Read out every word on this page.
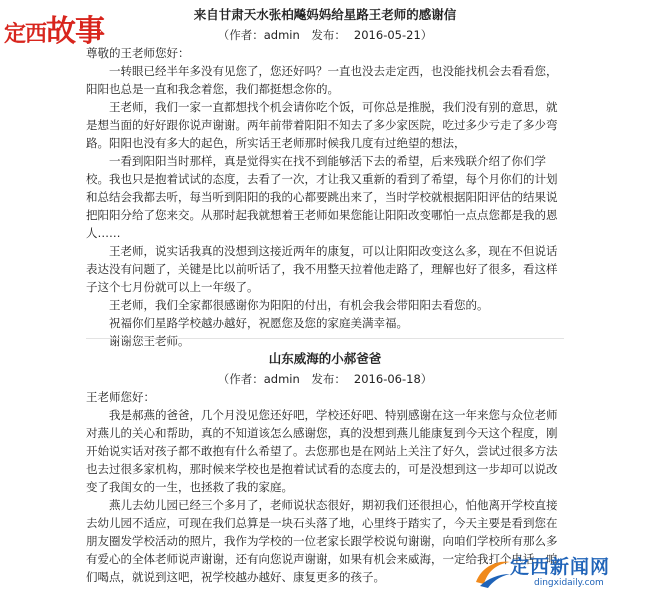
定西故事	来自甘肃天水张柏飚妈妈给星路王老师的感谢信

（作者：admin 发布： 2016-05-21）

尊敬的王老师您好：

一转眼已经半年多没有见您了，您还好吗？一直也没去走定西，也没能找机会去看看您，阳阳也总是一直和我念着您，我们都挺想念你的。

王老师，我们一家一直都想找个机会请你吃个饭，可你总是推脱，我们没有别的意思，就是想当面的好好跟你说声谢谢。两年前带着阳阳不知去了多少家医院，吃过多少亏走了多少弯路。阳阳也没有多大的起色，所实话王老师那时候我几度有过绝望的想法，

一看到阳阳当时那样，真是觉得实在找不到能够活下去的希望，后来残联介绍了你们学校。我也只是抱着试试的态度，去看了一次，才让我又重新的看到了希望，每个月你们的计划和总结会我都去听，每当听到阳阳的我的心都要跳出来了，当时学校就根据阳阳评估的结果说把阳阳分给了您来交。从那时起我就想着王老师如果您能让阳阳改变哪怕一点点您都是我的恩人……

王老师，说实话我真的没想到这接近两年的康复，可以让阳阳改变这么多，现在不但说话表达没有问题了，关键是比以前听话了，我不用整天拉着他走路了，理解也好了很多，看这样子这个七月份就可以上一年级了。

王老师，我们全家都很感谢你为阳阳的付出，有机会我会带阳阳去看您的。

祝福你们星路学校越办越好，祝愿您及您的家庭美满幸福。

谢谢您王老师。

山东威海的小郝爸爸

（作者：admin 发布： 2016-06-18）

王老师您好：

我是郝燕的爸爸，几个月没见您还好吧，学校还好吧、特别感谢在这一年来您与众位老师对燕儿的关心和帮助，真的不知道该怎么感谢您，真的没想到燕儿能康复到今天这个程度，刚开始说实话对孩子都不敢抱有什么希望了。去您那也是在网站上关注了好久，尝试过很多方法也去过很多家机构，那时候来学校也是抱着试试看的态度去的，可是没想到这一步却可以说改变了我闺女的一生，也拯救了我的家庭。

燕儿去幼儿园已经三个多月了，老师说状态很好，期初我们还很担心，怕他离开学校直接去幼儿园不适应，可现在我们总算是一块石头落了地，心里终于踏实了，今天主要是看到您在朋友圈发学校活动的照片，我作为学校的一位老家长跟学校说句谢谢，向咱们学校所有那么多有爱心的全体老师说声谢谢，还有向您说声谢谢，如果有机会来威海，一定给我打个电话，咱们喝点，就说到这吧，祝学校越办越好、康复更多的孩子。	定西新闻网
dingxidaily.com
